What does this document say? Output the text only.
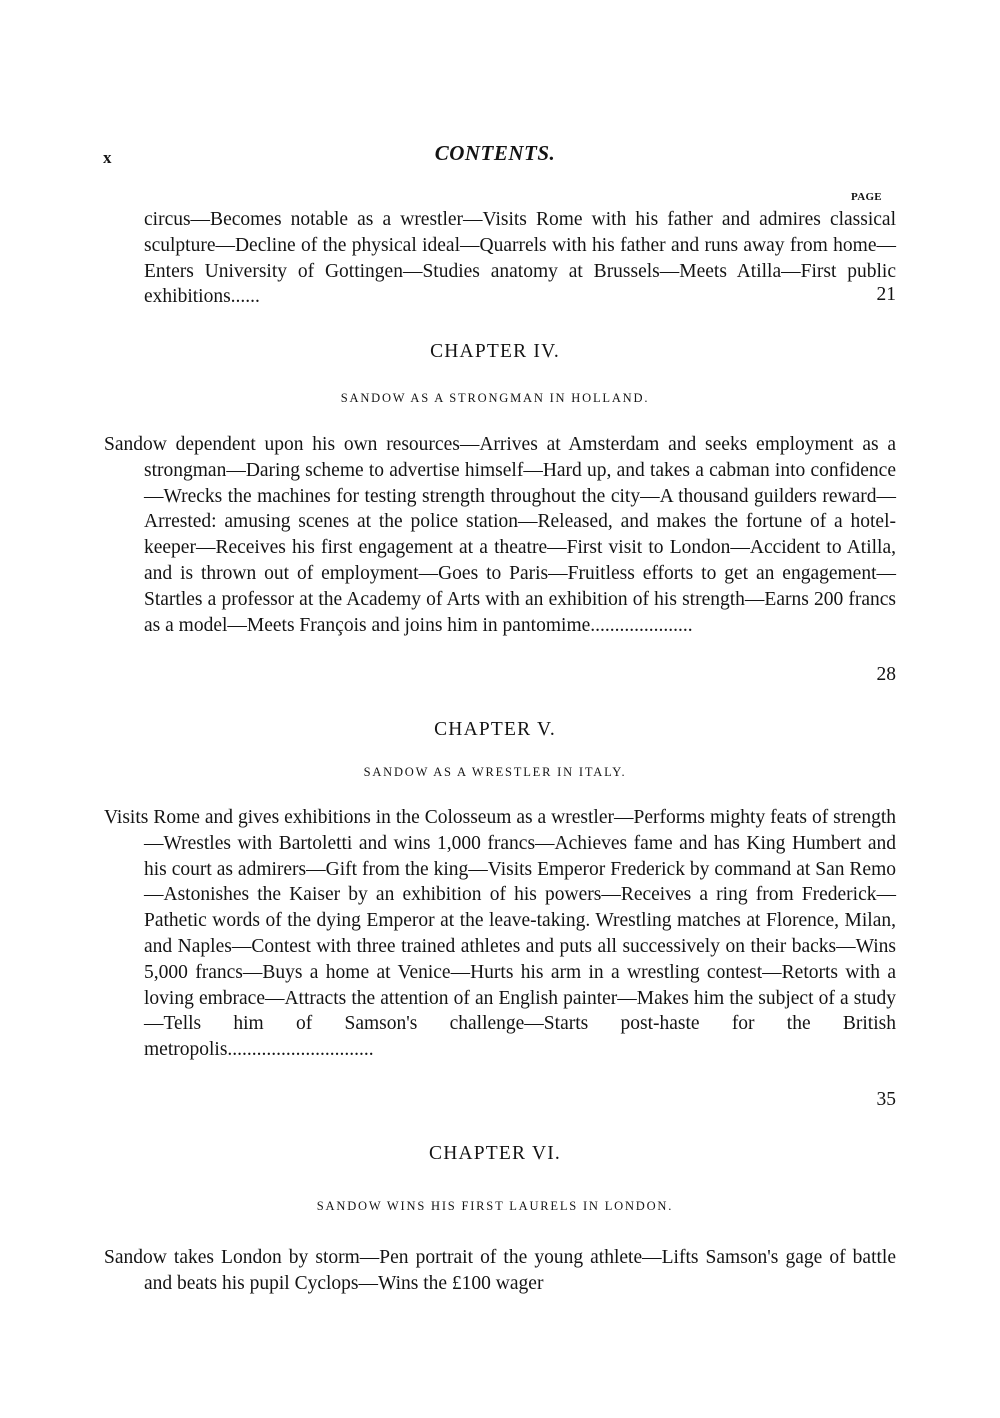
x	CONTENTS.
PAGE
circus—Becomes notable as a wrestler—Visits Rome with his father and admires classical sculpture—Decline of the physical ideal—Quarrels with his father and runs away from home—Enters University of Gottingen—Studies anatomy at Brussels—Meets Atilla—First public exhibitions......	21
CHAPTER IV.
SANDOW AS A STRONGMAN IN HOLLAND.
Sandow dependent upon his own resources—Arrives at Amsterdam and seeks employment as a strongman—Daring scheme to advertise himself—Hard up, and takes a cabman into confidence—Wrecks the machines for testing strength throughout the city—A thousand guilders reward—Arrested: amusing scenes at the police station—Released, and makes the fortune of a hotel-keeper—Receives his first engagement at a theatre—First visit to London—Accident to Atilla, and is thrown out of employment—Goes to Paris—Fruitless efforts to get an engagement—Startles a professor at the Academy of Arts with an exhibition of his strength—Earns 200 francs as a model—Meets François and joins him in pantomime.....................
28
CHAPTER V.
SANDOW AS A WRESTLER IN ITALY.
Visits Rome and gives exhibitions in the Colosseum as a wrestler—Performs mighty feats of strength—Wrestles with Bartoletti and wins 1,000 francs—Achieves fame and has King Humbert and his court as admirers—Gift from the king—Visits Emperor Frederick by command at San Remo—Astonishes the Kaiser by an exhibition of his powers—Receives a ring from Frederick—Pathetic words of the dying Emperor at the leave-taking. Wrestling matches at Florence, Milan, and Naples—Contest with three trained athletes and puts all successively on their backs—Wins 5,000 francs—Buys a home at Venice—Hurts his arm in a wrestling contest—Retorts with a loving embrace—Attracts the attention of an English painter—Makes him the subject of a study—Tells him of Samson's challenge—Starts post-haste for the British metropolis..............................
35
CHAPTER VI.
SANDOW WINS HIS FIRST LAURELS IN LONDON.
Sandow takes London by storm—Pen portrait of the young athlete—Lifts Samson's gage of battle and beats his pupil Cyclops—Wins the £100 wager
